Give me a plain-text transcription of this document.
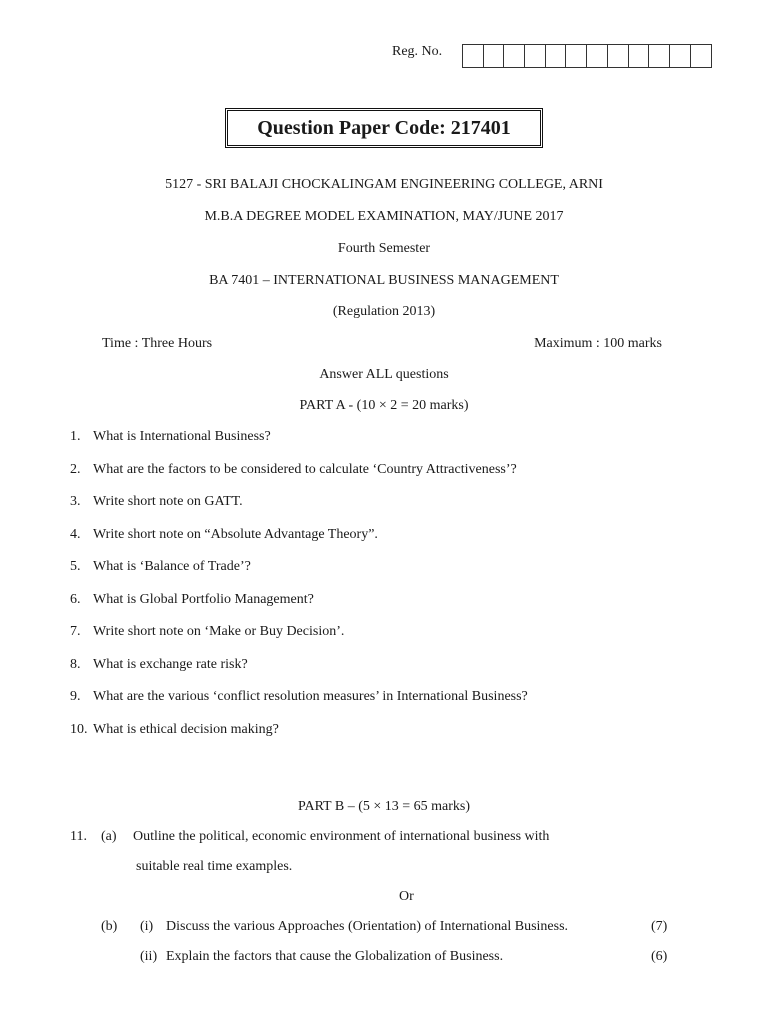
Reg. No.
Question Paper Code: 217401
5127 - SRI BALAJI CHOCKALINGAM ENGINEERING COLLEGE, ARNI
M.B.A DEGREE MODEL EXAMINATION, MAY/JUNE 2017
Fourth Semester
BA 7401 – INTERNATIONAL BUSINESS MANAGEMENT
(Regulation 2013)
Time : Three Hours	Maximum : 100 marks
Answer ALL questions
PART A - (10 × 2 = 20 marks)
1. What is International Business?
2. What are the factors to be considered to calculate ‘Country Attractiveness’?
3. Write short note on GATT.
4. Write short note on “Absolute Advantage Theory”.
5. What is ‘Balance of Trade’?
6. What is Global Portfolio Management?
7. Write short note on ‘Make or Buy Decision’.
8. What is exchange rate risk?
9. What are the various ‘conflict resolution measures’ in International Business?
10. What is ethical decision making?
PART B – (5 × 13 = 65 marks)
11. (a) Outline the political, economic environment of international business with
suitable real time examples.
Or
(b) (i) Discuss the various Approaches (Orientation) of International Business.	(7)
(ii) Explain the factors that cause the Globalization of Business.	(6)
